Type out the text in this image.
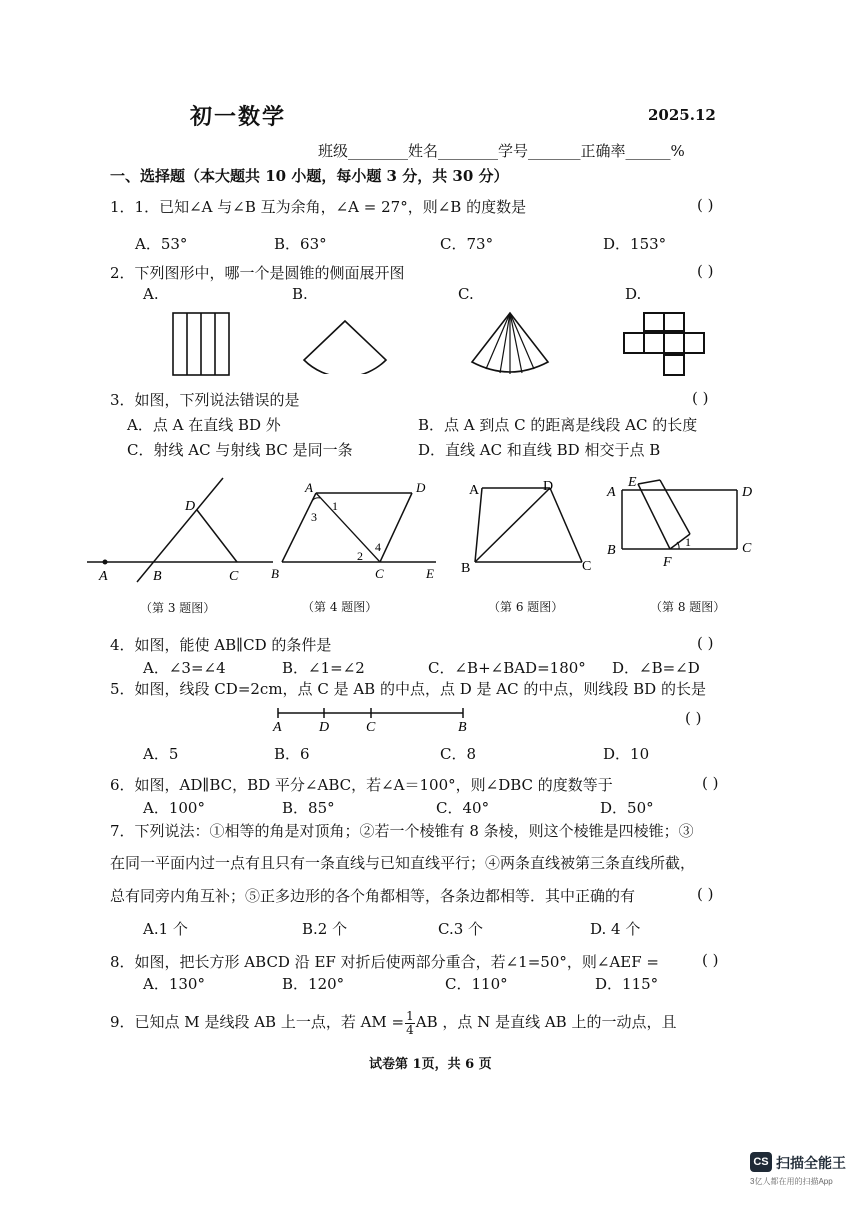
初一数学	2025.12
班级________姓名________学号_______正确率______%
一、选择题（本大题共 10 小题，每小题 3 分，共 30 分）
1．1．已知∠A 与∠B 互为余角，∠A = 27°，则∠B 的度数是	( )
A．53°	B．63°	C．73°	D．153°
2．下列图形中，哪一个是圆锥的侧面展开图	( )
A.	B.	C.	D.
3．如图，下列说法错误的是	( )
A．点 A 在直线 BD 外	B．点 A 到点 C 的距离是线段 AC 的长度
C．射线 AC 与射线 BC 是同一条	D．直线 AC 和直线 BD 相交于点 B
D
A	B	C
A	D
B	C	E
1
2
3
4
A	D
B	C
A
E
D
B
F
C
1
（第 3 题图）	（第 4 题图）	（第 6 题图）	（第 8 题图）
4．如图，能使 AB∥CD 的条件是	( )
A．∠3=∠4	B．∠1=∠2	C．∠B+∠BAD=180° D．∠B=∠D
5．如图，线段 CD=2cm，点 C 是 AB 的中点，点 D 是 AC 的中点，则线段 BD 的长是
A	D	C	B
( )
A．5	B．6	C．8	D．10
6．如图，AD∥BC，BD 平分∠ABC，若∠A＝100°，则∠DBC 的度数等于	( )
A．100°	B．85°	C．40°	D．50°
7．下列说法：①相等的角是对顶角；②若一个棱锥有 8 条棱，则这个棱锥是四棱锥；③
在同一平面内过一点有且只有一条直线与已知直线平行；④两条直线被第三条直线所截，
总有同旁内角互补；⑤正多边形的各个角都相等，各条边都相等．其中正确的有	( )
A.1 个	B.2 个	C.3 个	D. 4 个
8．如图，把长方形 ABCD 沿 EF 对折后使两部分重合，若∠1=50°，则∠AEF =	( )
A．130°	B．120°	C．110°	D．115°
9．已知点 M 是线段 AB 上一点，若 AM = $\frac{1}{4}$ AB ，点 N 是直线 AB 上的一动点，且
试卷第 1页，共 6 页
CS 扫描全能王
3亿人都在用的扫描App
